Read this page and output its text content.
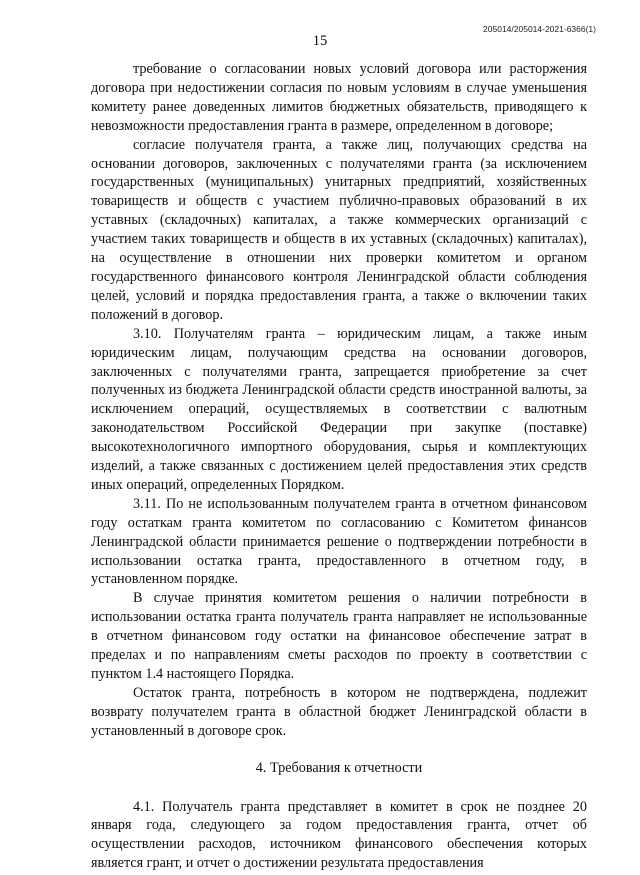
205014/205014-2021-6366(1)
15

требование о согласовании новых условий договора или расторжения договора при недостижении согласия по новым условиям в случае уменьшения комитету ранее доведенных лимитов бюджетных обязательств, приводящего к невозможности предоставления гранта в размере, определенном в договоре;

согласие получателя гранта, а также лиц, получающих средства на основании договоров, заключенных с получателями гранта (за исключением государственных (муниципальных) унитарных предприятий, хозяйственных товариществ и обществ с участием публично-правовых образований в их уставных (складочных) капиталах, а также коммерческих организаций с участием таких товариществ и обществ в их уставных (складочных) капиталах), на осуществление в отношении них проверки комитетом и органом государственного финансового контроля Ленинградской области соблюдения целей, условий и порядка предоставления гранта, а также о включении таких положений в договор.

3.10. Получателям гранта – юридическим лицам, а также иным юридическим лицам, получающим средства на основании договоров, заключенных с получателями гранта, запрещается приобретение за счет полученных из бюджета Ленинградской области средств иностранной валюты, за исключением операций, осуществляемых в соответствии с валютным законодательством Российской Федерации при закупке (поставке) высокотехнологичного импортного оборудования, сырья и комплектующих изделий, а также связанных с достижением целей предоставления этих средств иных операций, определенных Порядком.

3.11. По не использованным получателем гранта в отчетном финансовом году остаткам гранта комитетом по согласованию с Комитетом финансов Ленинградской области принимается решение о подтверждении потребности в использовании остатка гранта, предоставленного в отчетном году, в установленном порядке.

В случае принятия комитетом решения о наличии потребности в использовании остатка гранта получатель гранта направляет не использованные в отчетном финансовом году остатки на финансовое обеспечение затрат в пределах и по направлениям сметы расходов по проекту в соответствии с пунктом 1.4 настоящего Порядка.

Остаток гранта, потребность в котором не подтверждена, подлежит возврату получателем гранта в областной бюджет Ленинградской области в установленный в договоре срок.

4. Требования к отчетности

4.1. Получатель гранта представляет в комитет в срок не позднее 20 января года, следующего за годом предоставления гранта, отчет об осуществлении расходов, источником финансового обеспечения которых является грант, и отчет о достижении результата предоставления
